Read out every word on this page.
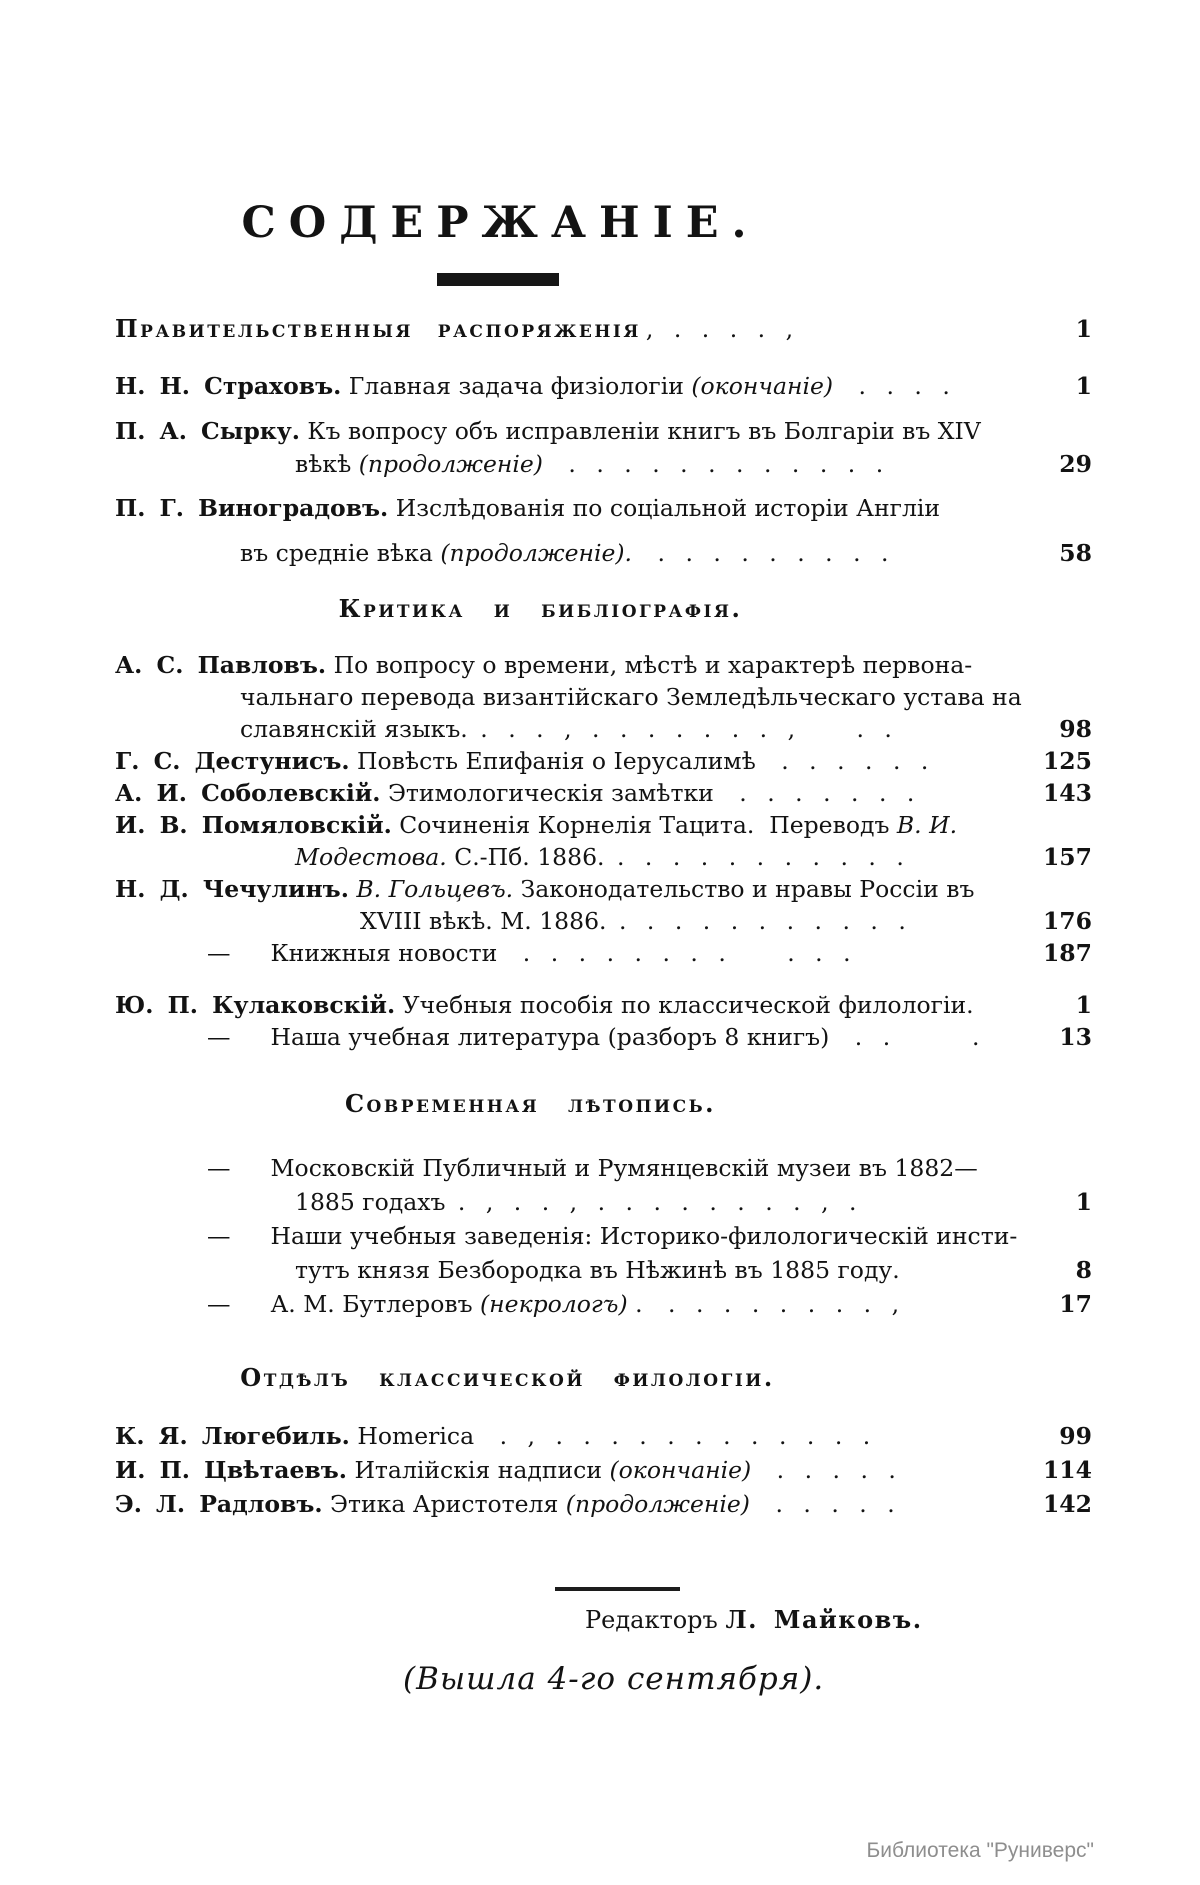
СОДЕРЖАНІЕ.
Правительственныя распоряженія , . . . . ,	1
Н. Н. Страховъ. Главная задача физіологіи (окончаніе) . . . .	1
П. А. Сырку. Къ вопросу объ исправленіи книгъ въ Болгаріи въ XIV
вѣкѣ (продолженіе) . . . . . . . . . . . .	29
П. Г. Виноградовъ. Изслѣдованія по соціальной исторіи Англіи
въ средніе вѣка (продолженіе). . . . . . . . . .	58
Критика и библіографія.
А. С. Павловъ. По вопросу о времени, мѣстѣ и характерѣ первона-
чальнаго перевода византійскаго Земледѣльческаго устава на
славянскій языкъ. . . . , . . . . . . . ,   . .	98
Г. С. Дестунисъ. Повѣсть Епифанія о Іерусалимѣ . . . . . .	125
А. И. Соболевскій. Этимологическія замѣтки . . . . . . .	143
И. В. Помяловскій. Сочиненія Корнелія Тацита.  Переводъ В. И.
Модестова. С.-Пб. 1886. . . . . . . . . . . .	157
Н. Д. Чечулинъ. В. Гольцевъ. Законодательство и нравы Россіи въ
XVIII вѣкѣ. М. 1886. . . . . . . . . . . .	176
— Книжныя новости . . . . . . . .   . . .	187
Ю. П. Кулаковскій. Учебныя пособія по классической филологіи.	1
— Наша учебная литература (разборъ 8 книгъ) . .    .	13
Современная лѣтопись.
— Московскій Публичный и Румянцевскій музеи въ 1882—
1885 годахъ . , . . , . . . . . . . . , .	1
— Наши учебныя заведенія: Историко-филологическій инсти-
тутъ князя Безбородка въ Нѣжинѣ въ 1885 году.	8
— А. М. Бутлеровъ (некрологъ) . . . . . . . . . ,	17
Отдѣлъ классической филологіи.
К. Я. Люгебиль. Homerica . , . . . . . . . . . . . .	99
И. П. Цвѣтаевъ. Италійскія надписи (окончаніе) . . . . .	114
Э. Л. Радловъ. Этика Аристотеля (продолженіе) . . . . .	142
Редакторъ Л. Майковъ.
(Вышла 4-го сентября).
Библиотека "Руниверс"
